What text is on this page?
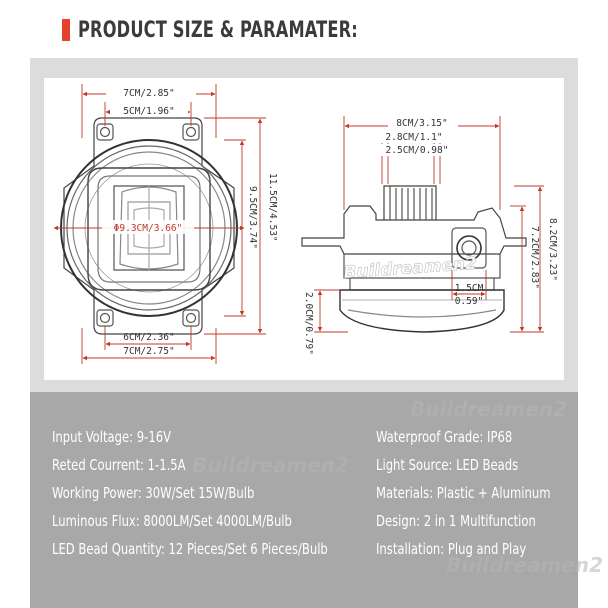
PRODUCT SIZE & PARAMATER:
7CM/2.85"
5CM/1.96"
6CM/2.36"
7CM/2.75"
Φ9.3CM/3.66"	11.5CM/4.53"
9.5CM/3.74"
8CM/3.15"
2.8CM/1.1"
2.5CM/0.98"
8.2CM/3.23"
7.2CM/2.83"
1.5CM
0.59"
2.0CM/0.79"
Buildreamen2
Buildreamen2
Buildreamen2
Buildreamen2
Input Voltage: 9-16V
Reted Courrent: 1-1.5A
Working Power: 30W/Set 15W/Bulb
Luminous Flux: 8000LM/Set 4000LM/Bulb
LED Bead Quantity: 12 Pieces/Set 6 Pieces/Bulb
Waterproof Grade: IP68
Light Source: LED Beads
Materials: Plastic + Aluminum
Design: 2 in 1 Multifunction
Installation: Plug and Play
